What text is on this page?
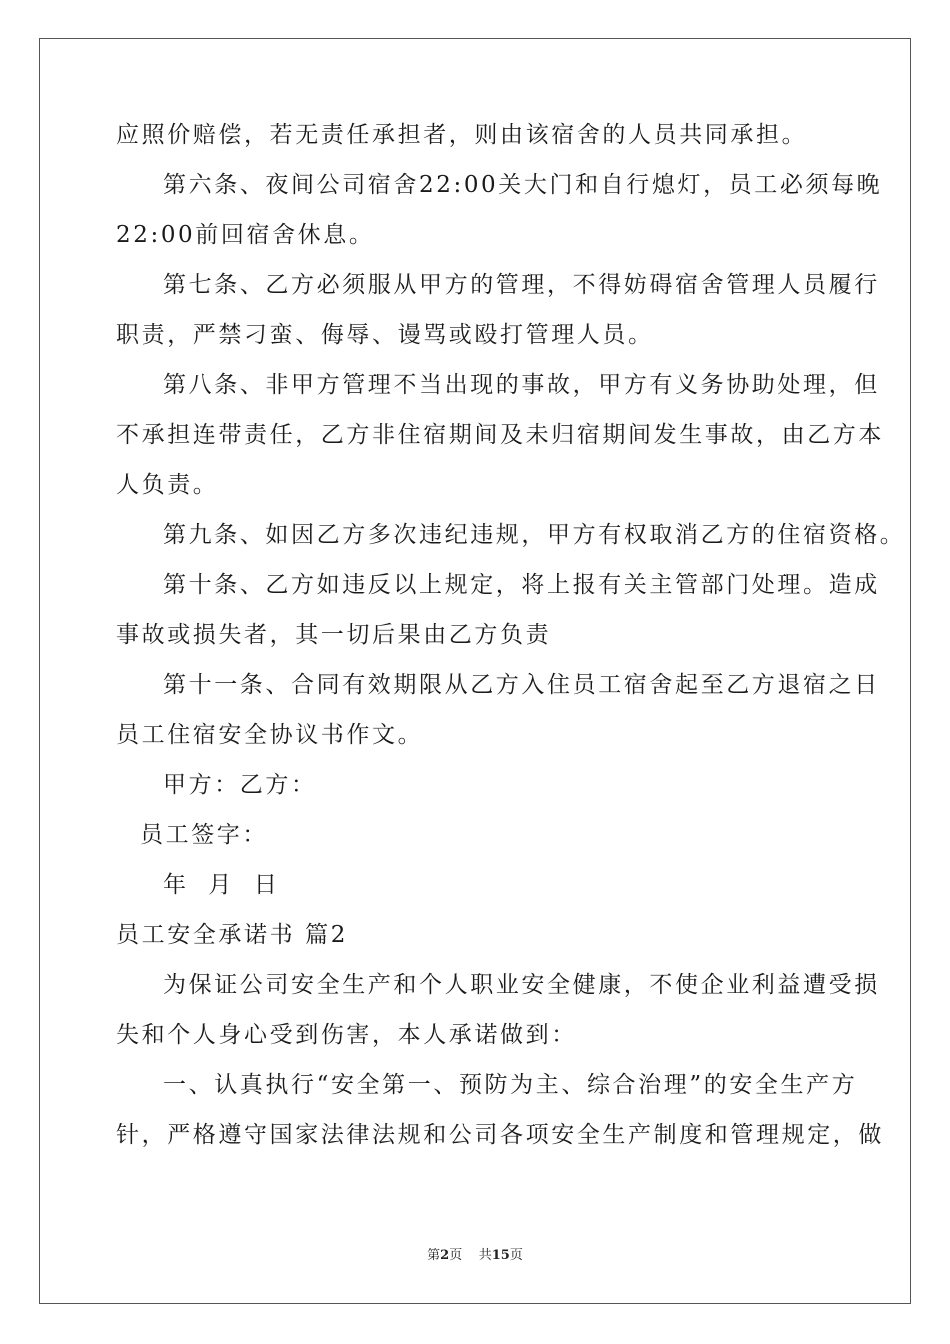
应照价赔偿，若无责任承担者，则由该宿舍的人员共同承担。
第六条、夜间公司宿舍22:00关大门和自行熄灯，员工必须每晚
22:00前回宿舍休息。
第七条、乙方必须服从甲方的管理，不得妨碍宿舍管理人员履行
职责，严禁刁蛮、侮辱、谩骂或殴打管理人员。
第八条、非甲方管理不当出现的事故，甲方有义务协助处理，但
不承担连带责任，乙方非住宿期间及未归宿期间发生事故，由乙方本
人负责。
第九条、如因乙方多次违纪违规，甲方有权取消乙方的住宿资格。
第十条、乙方如违反以上规定，将上报有关主管部门处理。造成
事故或损失者，其一切后果由乙方负责
第十一条、合同有效期限从乙方入住员工宿舍起至乙方退宿之日
员工住宿安全协议书作文。
甲方：乙方：
员工签字：
年  月  日
员工安全承诺书 篇2
为保证公司安全生产和个人职业安全健康，不使企业利益遭受损
失和个人身心受到伤害，本人承诺做到：
一、认真执行“安全第一、预防为主、综合治理”的安全生产方
针，严格遵守国家法律法规和公司各项安全生产制度和管理规定，做
第2页 共15页
